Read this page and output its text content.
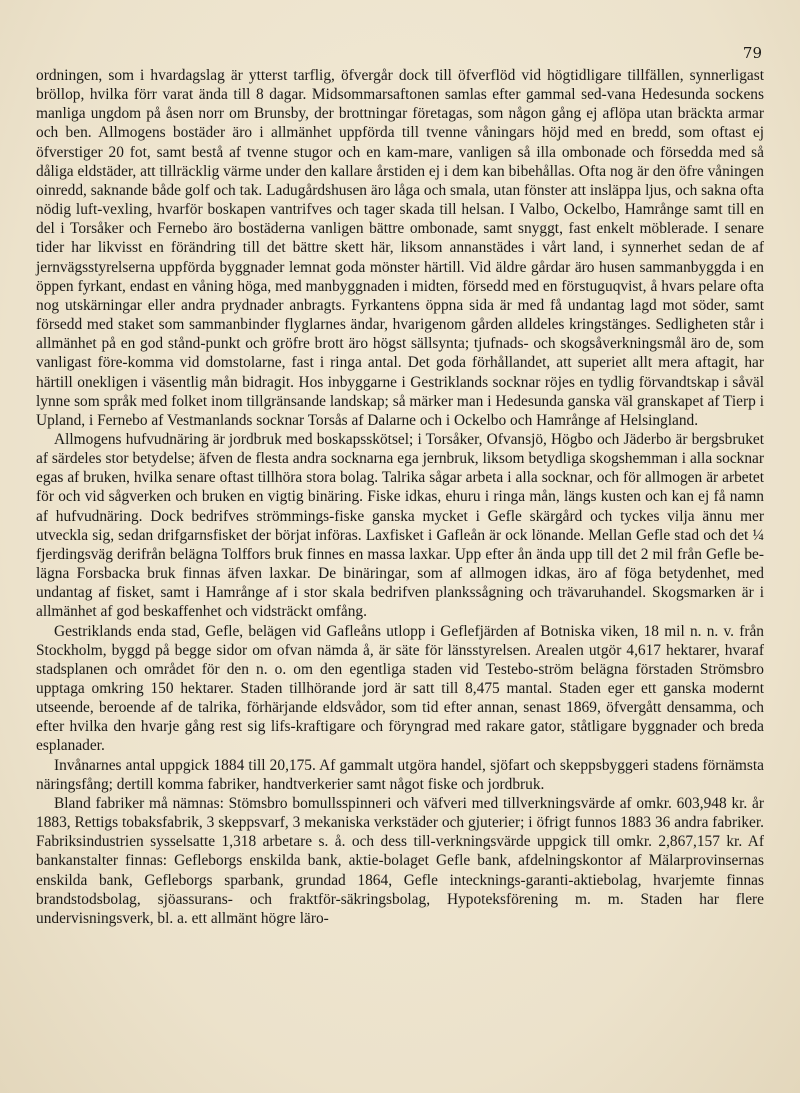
79

ordningen, som i hvardagslag är ytterst tarflig, öfvergår dock till öfverflöd vid högtidligare tillfällen, synnerligast bröllop, hvilka förr varat ända till 8 dagar. Midsommarsaftonen samlas efter gammal sed-vana Hedesunda sockens manliga ungdom på åsen norr om Brunsby, der brottningar företagas, som någon gång ej aflöpa utan bräckta armar och ben. Allmogens bostäder äro i allmänhet uppförda till tvenne våningars höjd med en bredd, som oftast ej öfverstiger 20 fot, samt bestå af tvenne stugor och en kam-mare, vanligen så illa ombonade och försedda med så dåliga eldstäder, att tillräcklig värme under den kallare årstiden ej i dem kan bibehållas. Ofta nog är den öfre våningen oinredd, saknande både golf och tak. Ladugårdshusen äro låga och smala, utan fönster att insläppa ljus, och sakna ofta nödig luft-vexling, hvarför boskapen vantrifves och tager skada till helsan. I Valbo, Ockelbo, Hamrånge samt till en del i Torsåker och Fernebo äro bostäderna vanligen bättre ombonade, samt snyggt, fast enkelt möblerade. I senare tider har likvisst en förändring till det bättre skett här, liksom annanstädes i vårt land, i synnerhet sedan de af jernvägsstyrelserna uppförda byggnader lemnat goda mönster härtill. Vid äldre gårdar äro husen sammanbyggda i en öppen fyrkant, endast en våning höga, med manbyggnaden i midten, försedd med en förstuguqvist, å hvars pelare ofta nog utskärningar eller andra prydnader anbragts. Fyrkantens öppna sida är med få undantag lagd mot söder, samt försedd med staket som sammanbinder flyglarnes ändar, hvarigenom gården alldeles kringstänges. Sedligheten står i allmänhet på en god stånd-punkt och gröfre brott äro högst sällsynta; tjufnads- och skogsåverkningsmål äro de, som vanligast före-komma vid domstolarne, fast i ringa antal. Det goda förhållandet, att superiet allt mera aftagit, har härtill onekligen i väsentlig mån bidragit. Hos inbyggarne i Gestriklands socknar röjes en tydlig förvandtskap i såväl lynne som språk med folket inom tillgränsande landskap; så märker man i Hedesunda ganska väl granskapet af Tierp i Upland, i Fernebo af Vestmanlands socknar Torsås af Dalarne och i Ockelbo och Hamrånge af Helsingland.

Allmogens hufvudnäring är jordbruk med boskapsskötsel; i Torsåker, Ofvansjö, Högbo och Jäderbo är bergsbruket af särdeles stor betydelse; äfven de flesta andra socknarna ega jernbruk, liksom betydliga skogshemman i alla socknar egas af bruken, hvilka senare oftast tillhöra stora bolag. Talrika sågar arbeta i alla socknar, och för allmogen är arbetet för och vid sågverken och bruken en vigtig binäring. Fiske idkas, ehuru i ringa mån, längs kusten och kan ej få namn af hufvudnäring. Dock bedrifves strömmings-fiske ganska mycket i Gefle skärgård och tyckes vilja ännu mer utveckla sig, sedan drifgarnsfisket der börjat införas. Laxfisket i Gafleån är ock lönande. Mellan Gefle stad och det ¼ fjerdingsväg derifrån belägna Tolffors bruk finnes en massa laxkar. Upp efter ån ända upp till det 2 mil från Gefle be-lägna Forsbacka bruk finnas äfven laxkar. De binäringar, som af allmogen idkas, äro af föga betydenhet, med undantag af fisket, samt i Hamrånge af i stor skala bedrifven plankssågning och trävaruhandel. Skogsmarken är i allmänhet af god beskaffenhet och vidsträckt omfång.

Gestriklands enda stad, Gefle, belägen vid Gafleåns utlopp i Geflefjärden af Botniska viken, 18 mil n. n. v. från Stockholm, byggd på begge sidor om ofvan nämda å, är säte för länsstyrelsen. Arealen utgör 4,617 hektarer, hvaraf stadsplanen och området för den n. o. om den egentliga staden vid Testebo-ström belägna förstaden Strömsbro upptaga omkring 150 hektarer. Staden tillhörande jord är satt till 8,475 mantal. Staden eger ett ganska modernt utseende, beroende af de talrika, förhärjande eldsvådor, som tid efter annan, senast 1869, öfvergått densamma, och efter hvilka den hvarje gång rest sig lifs-kraftigare och föryngrad med rakare gator, ståtligare byggnader och breda esplanader.

Invånarnes antal uppgick 1884 till 20,175. Af gammalt utgöra handel, sjöfart och skeppsbyggeri stadens förnämsta näringsfång; dertill komma fabriker, handtverkerier samt något fiske och jordbruk.

Bland fabriker må nämnas: Stömsbro bomullsspinneri och väfveri med tillverkningsvärde af omkr. 603,948 kr. år 1883, Rettigs tobaksfabrik, 3 skeppsvarf, 3 mekaniska verkstäder och gjuterier; i öfrigt funnos 1883 36 andra fabriker. Fabriksindustrien sysselsatte 1,318 arbetare s. å. och dess till-verkningsvärde uppgick till omkr. 2,867,157 kr. Af bankanstalter finnas: Gefleborgs enskilda bank, aktie-bolaget Gefle bank, afdelningskontor af Mälarprovinsernas enskilda bank, Gefleborgs sparbank, grundad 1864, Gefle intecknings-garanti-aktiebolag, hvarjemte finnas brandstodsbolag, sjöassurans- och fraktför-säkringsbolag, Hypoteksförening m. m. Staden har flere undervisningsverk, bl. a. ett allmänt högre läro-
